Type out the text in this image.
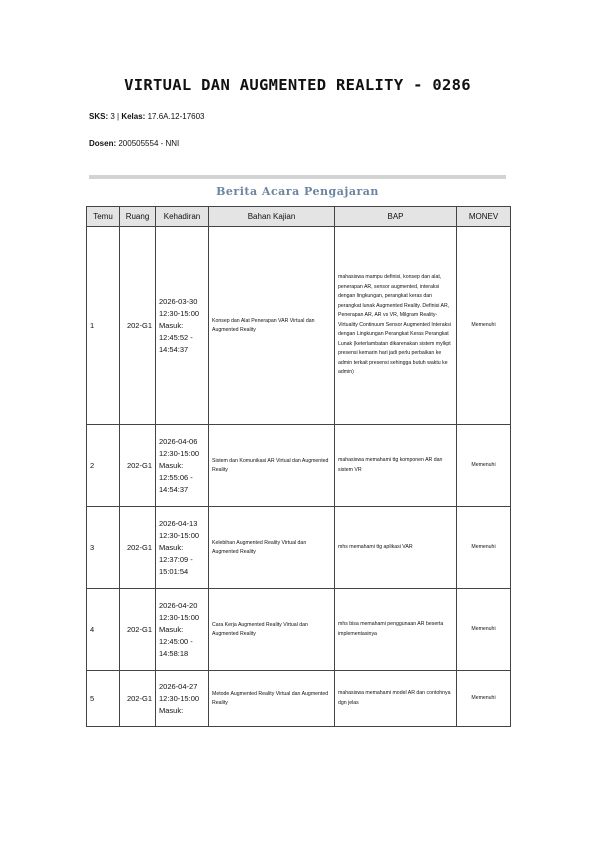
VIRTUAL DAN AUGMENTED REALITY - 0286
SKS: 3 | Kelas: 17.6A.12-17603
Dosen: 200505554 - NNI
Berita Acara Pengajaran
Temu	Ruang	Kehadiran	Bahan Kajian	BAP	MONEV
1	202-G1	2026-03-30 12:30-15:00 Masuk: 12:45:52 - 14:54:37	Konsep dan Alat Penerapan VAR Virtual dan Augmented Reality	mahasiswa mampu definisi, konsep dan alat, penerapan AR, sensor augmented, interaksi dengan lingkungan, perangkat keras dan perangkat lunak Augmented Reality. Definisi AR, Penerapan AR, AR vs VR, Milgram Reality-Virtuality Continuum Sensor Augmented Interaksi dengan Lingkungan Perangkat Keras Perangkat Lunak (keterlambatan dikarenakan sistem mylkpt presensi kemarin hari jadi perlu perbaikan ke admin terkait presensi sehingga butuh waktu ke admin)	Memenuhi
2	202-G1	2026-04-06 12:30-15:00 Masuk: 12:55:06 - 14:54:37	Sistem dan Komunikasi AR Virtual dan Augmented Reality	mahasiswa memahami ttg komponen AR dan sistem VR	Memenuhi
3	202-G1	2026-04-13 12:30-15:00 Masuk: 12:37:09 - 15:01:54	Kelebihan Augmented Reality Virtual dan Augmented Reality	mhs memahami ttg aplikasi VAR	Memenuhi
4	202-G1	2026-04-20 12:30-15:00 Masuk: 12:45:00 - 14:58:18	Cara Kerja Augmented Reality Virtual dan Augmented Reality	mhs bisa memahami penggunaan AR beserta implementasinya	Memenuhi
5	202-G1	2026-04-27 12:30-15:00 Masuk:	Metode Augmented Reality Virtual dan Augmented Reality	mahasiswa memahami model AR dan contohnya dgn jelas	Memenuhi
